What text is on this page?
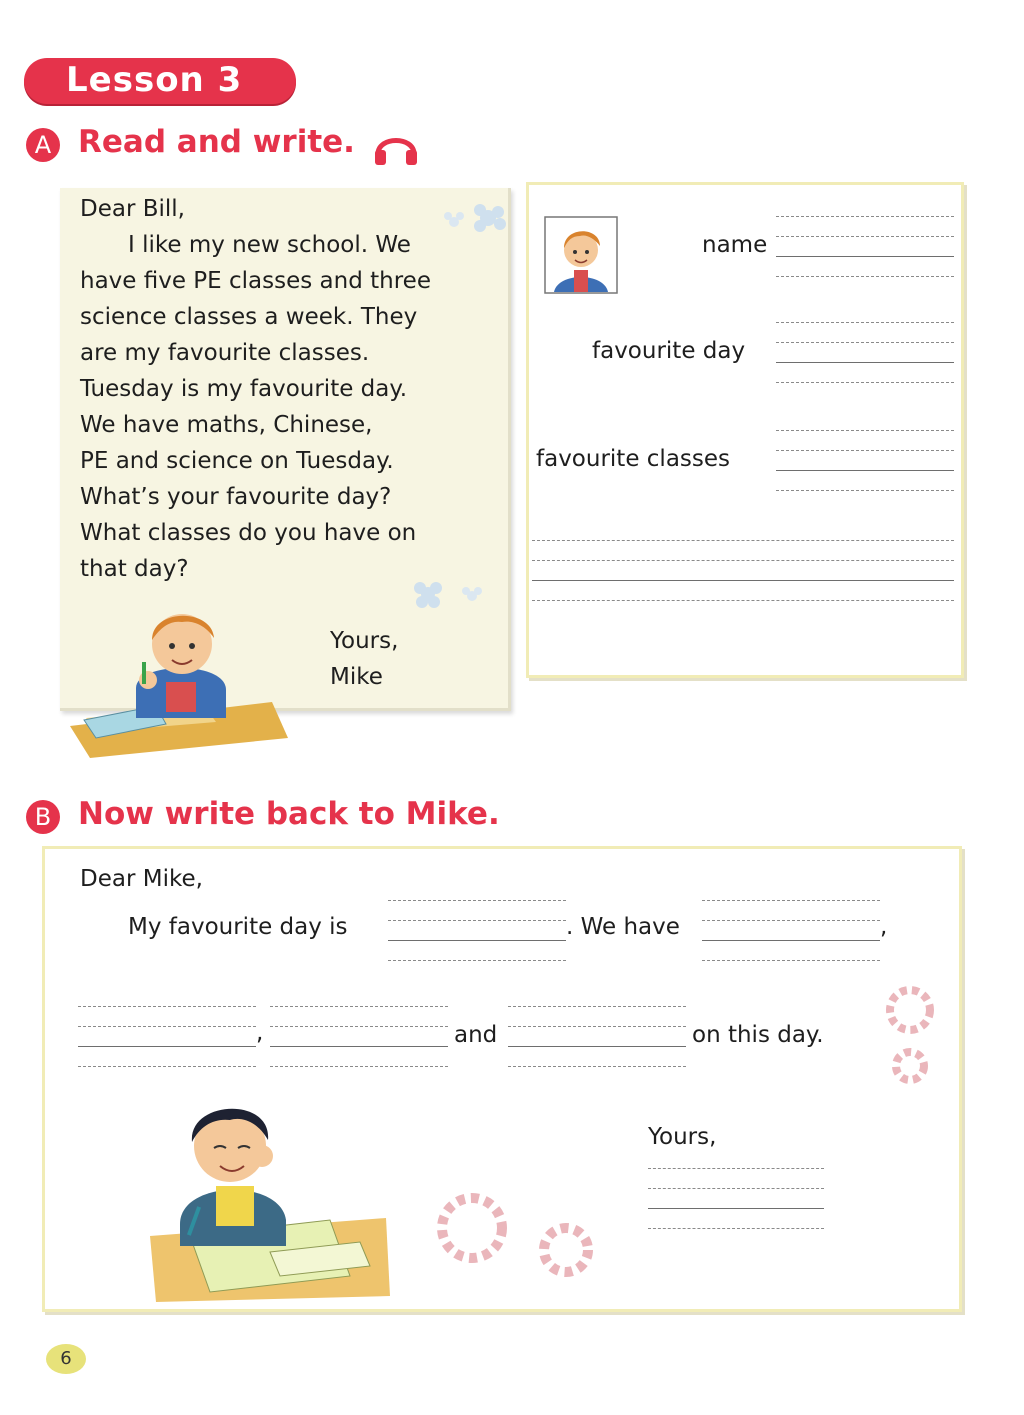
Lesson 3
A Read and write.
Dear Bill,
I like my new school. We
have five PE classes and three
science classes a week. They
are my favourite classes.
Tuesday is my favourite day.
We have maths, Chinese,
PE and science on Tuesday.
What’s your favourite day?
What classes do you have on
that day?
Yours,
Mike
name
favourite day
favourite classes
B Now write back to Mike.
Dear Mike,
My favourite day is	. We have	,
,	and	on this day.
Yours,
6
